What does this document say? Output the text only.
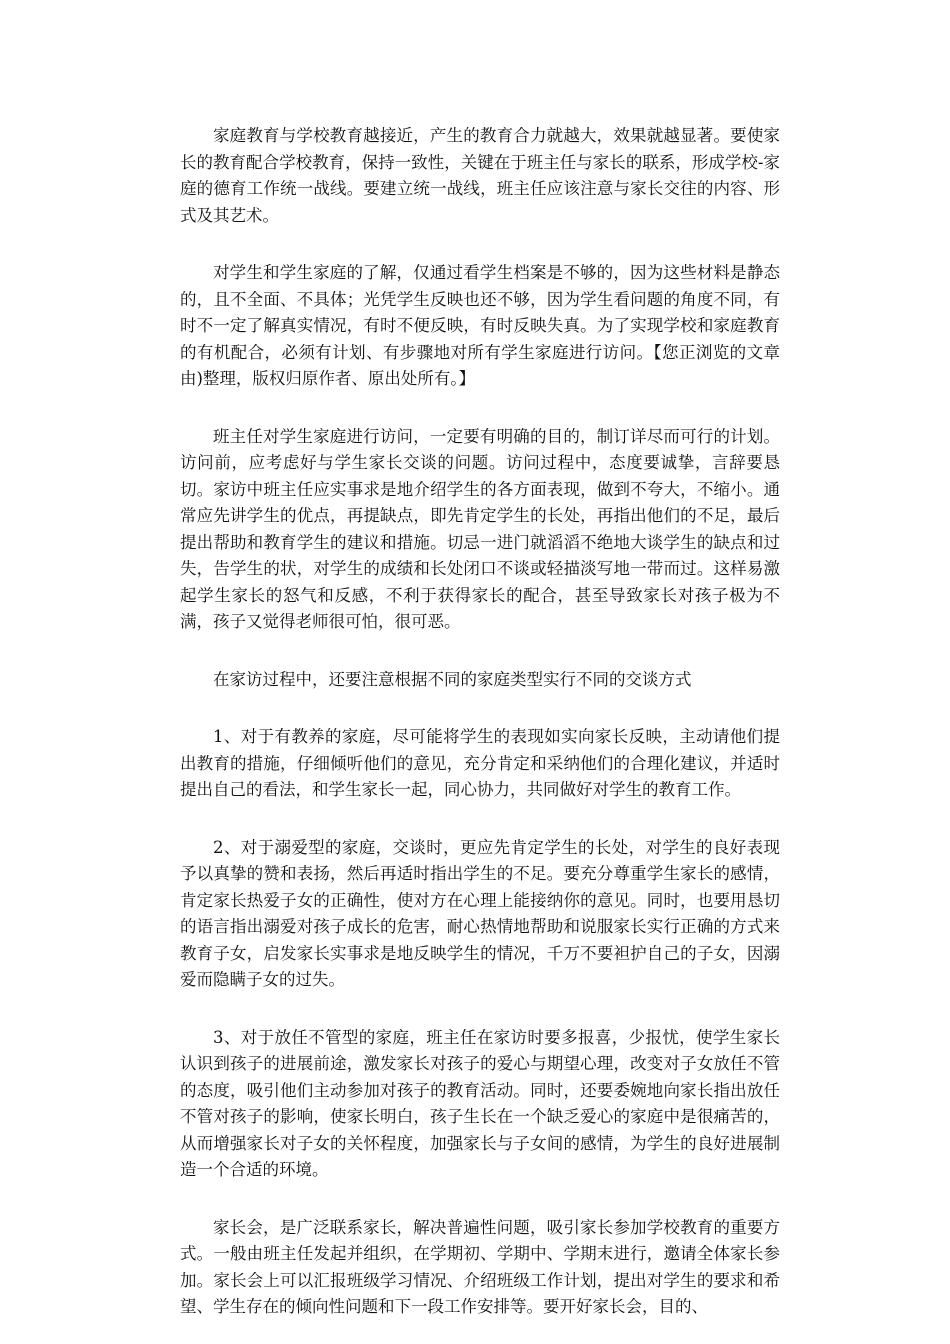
家庭教育与学校教育越接近，产生的教育合力就越大，效果就越显著。要使家长的教育配合学校教育，保持一致性，关键在于班主任与家长的联系，形成学校-家庭的德育工作统一战线。要建立统一战线，班主任应该注意与家长交往的内容、形式及其艺术。

对学生和学生家庭的了解，仅通过看学生档案是不够的，因为这些材料是静态的，且不全面、不具体；光凭学生反映也还不够，因为学生看问题的角度不同，有时不一定了解真实情况，有时不便反映，有时反映失真。为了实现学校和家庭教育的有机配合，必须有计划、有步骤地对所有学生家庭进行访问。【您正浏览的文章由)整理，版权归原作者、原出处所有。】

班主任对学生家庭进行访问，一定要有明确的目的，制订详尽而可行的计划。访问前，应考虑好与学生家长交谈的问题。访问过程中，态度要诚挚，言辞要恳切。家访中班主任应实事求是地介绍学生的各方面表现，做到不夸大，不缩小。通常应先讲学生的优点，再提缺点，即先肯定学生的长处，再指出他们的不足，最后提出帮助和教育学生的建议和措施。切忌一进门就滔滔不绝地大谈学生的缺点和过失，告学生的状，对学生的成绩和长处闭口不谈或轻描淡写地一带而过。这样易激起学生家长的怒气和反感，不利于获得家长的配合，甚至导致家长对孩子极为不满，孩子又觉得老师很可怕，很可恶。

在家访过程中，还要注意根据不同的家庭类型实行不同的交谈方式

1、对于有教养的家庭，尽可能将学生的表现如实向家长反映，主动请他们提出教育的措施，仔细倾听他们的意见，充分肯定和采纳他们的合理化建议，并适时提出自己的看法，和学生家长一起，同心协力，共同做好对学生的教育工作。

2、对于溺爱型的家庭，交谈时，更应先肯定学生的长处，对学生的良好表现予以真挚的赞和表扬，然后再适时指出学生的不足。要充分尊重学生家长的感情，肯定家长热爱子女的正确性，使对方在心理上能接纳你的意见。同时，也要用恳切的语言指出溺爱对孩子成长的危害，耐心热情地帮助和说服家长实行正确的方式来教育子女，启发家长实事求是地反映学生的情况，千万不要袒护自己的子女，因溺爱而隐瞒子女的过失。

3、对于放任不管型的家庭，班主任在家访时要多报喜，少报忧，使学生家长认识到孩子的进展前途，激发家长对孩子的爱心与期望心理，改变对子女放任不管的态度，吸引他们主动参加对孩子的教育活动。同时，还要委婉地向家长指出放任不管对孩子的影响，使家长明白，孩子生长在一个缺乏爱心的家庭中是很痛苦的，从而增强家长对子女的关怀程度，加强家长与子女间的感情，为学生的良好进展制造一个合适的环境。

家长会，是广泛联系家长，解决普遍性问题，吸引家长参加学校教育的重要方式。一般由班主任发起并组织，在学期初、学期中、学期末进行，邀请全体家长参加。家长会上可以汇报班级学习情况、介绍班级工作计划，提出对学生的要求和希望、学生存在的倾向性问题和下一段工作安排等。要开好家长会，目的、
